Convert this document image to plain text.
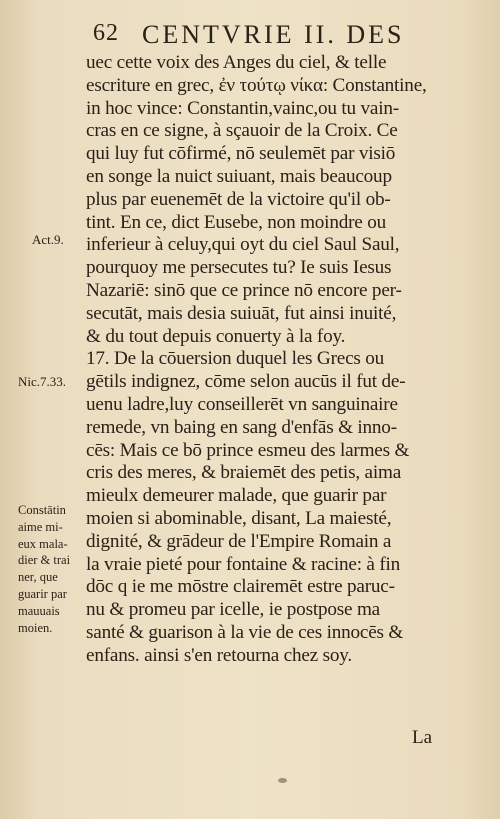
62 CENTVRIE II. DES
Act.9.
Nic.7.33.
Constātin
aime mi-
eux mala-
dier & trai
ner, que
guarir par
mauuais
moien.
uec cette voix des Anges du ciel, & telle
escriture en grec, ἐν τούτῳ νίκα: Constantine,
in hoc vince: Constantin,vainc,ou tu vain-
cras en ce signe, à sçauoir de la Croix. Ce
qui luy fut cōfirmé, nō seulemēt par visiō
en songe la nuict suiuant, mais beaucoup
plus par euenemēt de la victoire qu'il ob-
tint. En ce, dict Eusebe, non moindre ou
inferieur à celuy,qui oyt du ciel Saul Saul,
pourquoy me persecutes tu? Ie suis Iesus
Nazariē: sinō que ce prince nō encore per-
secutāt, mais desia suiuāt, fut ainsi inuité,
& du tout depuis conuerty à la foy.
17. De la cōuersion duquel les Grecs ou
gētils indignez, cōme selon aucūs il fut de-
uenu ladre,luy conseillerēt vn sanguinaire
remede, vn baing en sang d'enfās & inno-
cēs: Mais ce bō prince esmeu des larmes &
cris des meres, & braiemēt des petis, aima
mieulx demeurer malade, que guarir par
moien si abominable, disant, La maiesté,
dignité, & grādeur de l'Empire Romain a
la vraie pieté pour fontaine & racine: à fin
dōc q ie me mōstre clairemēt estre paruc-
nu & promeu par icelle, ie postpose ma
santé & guarison à la vie de ces innocēs &
enfans. ainsi s'en retourna chez soy.
La
